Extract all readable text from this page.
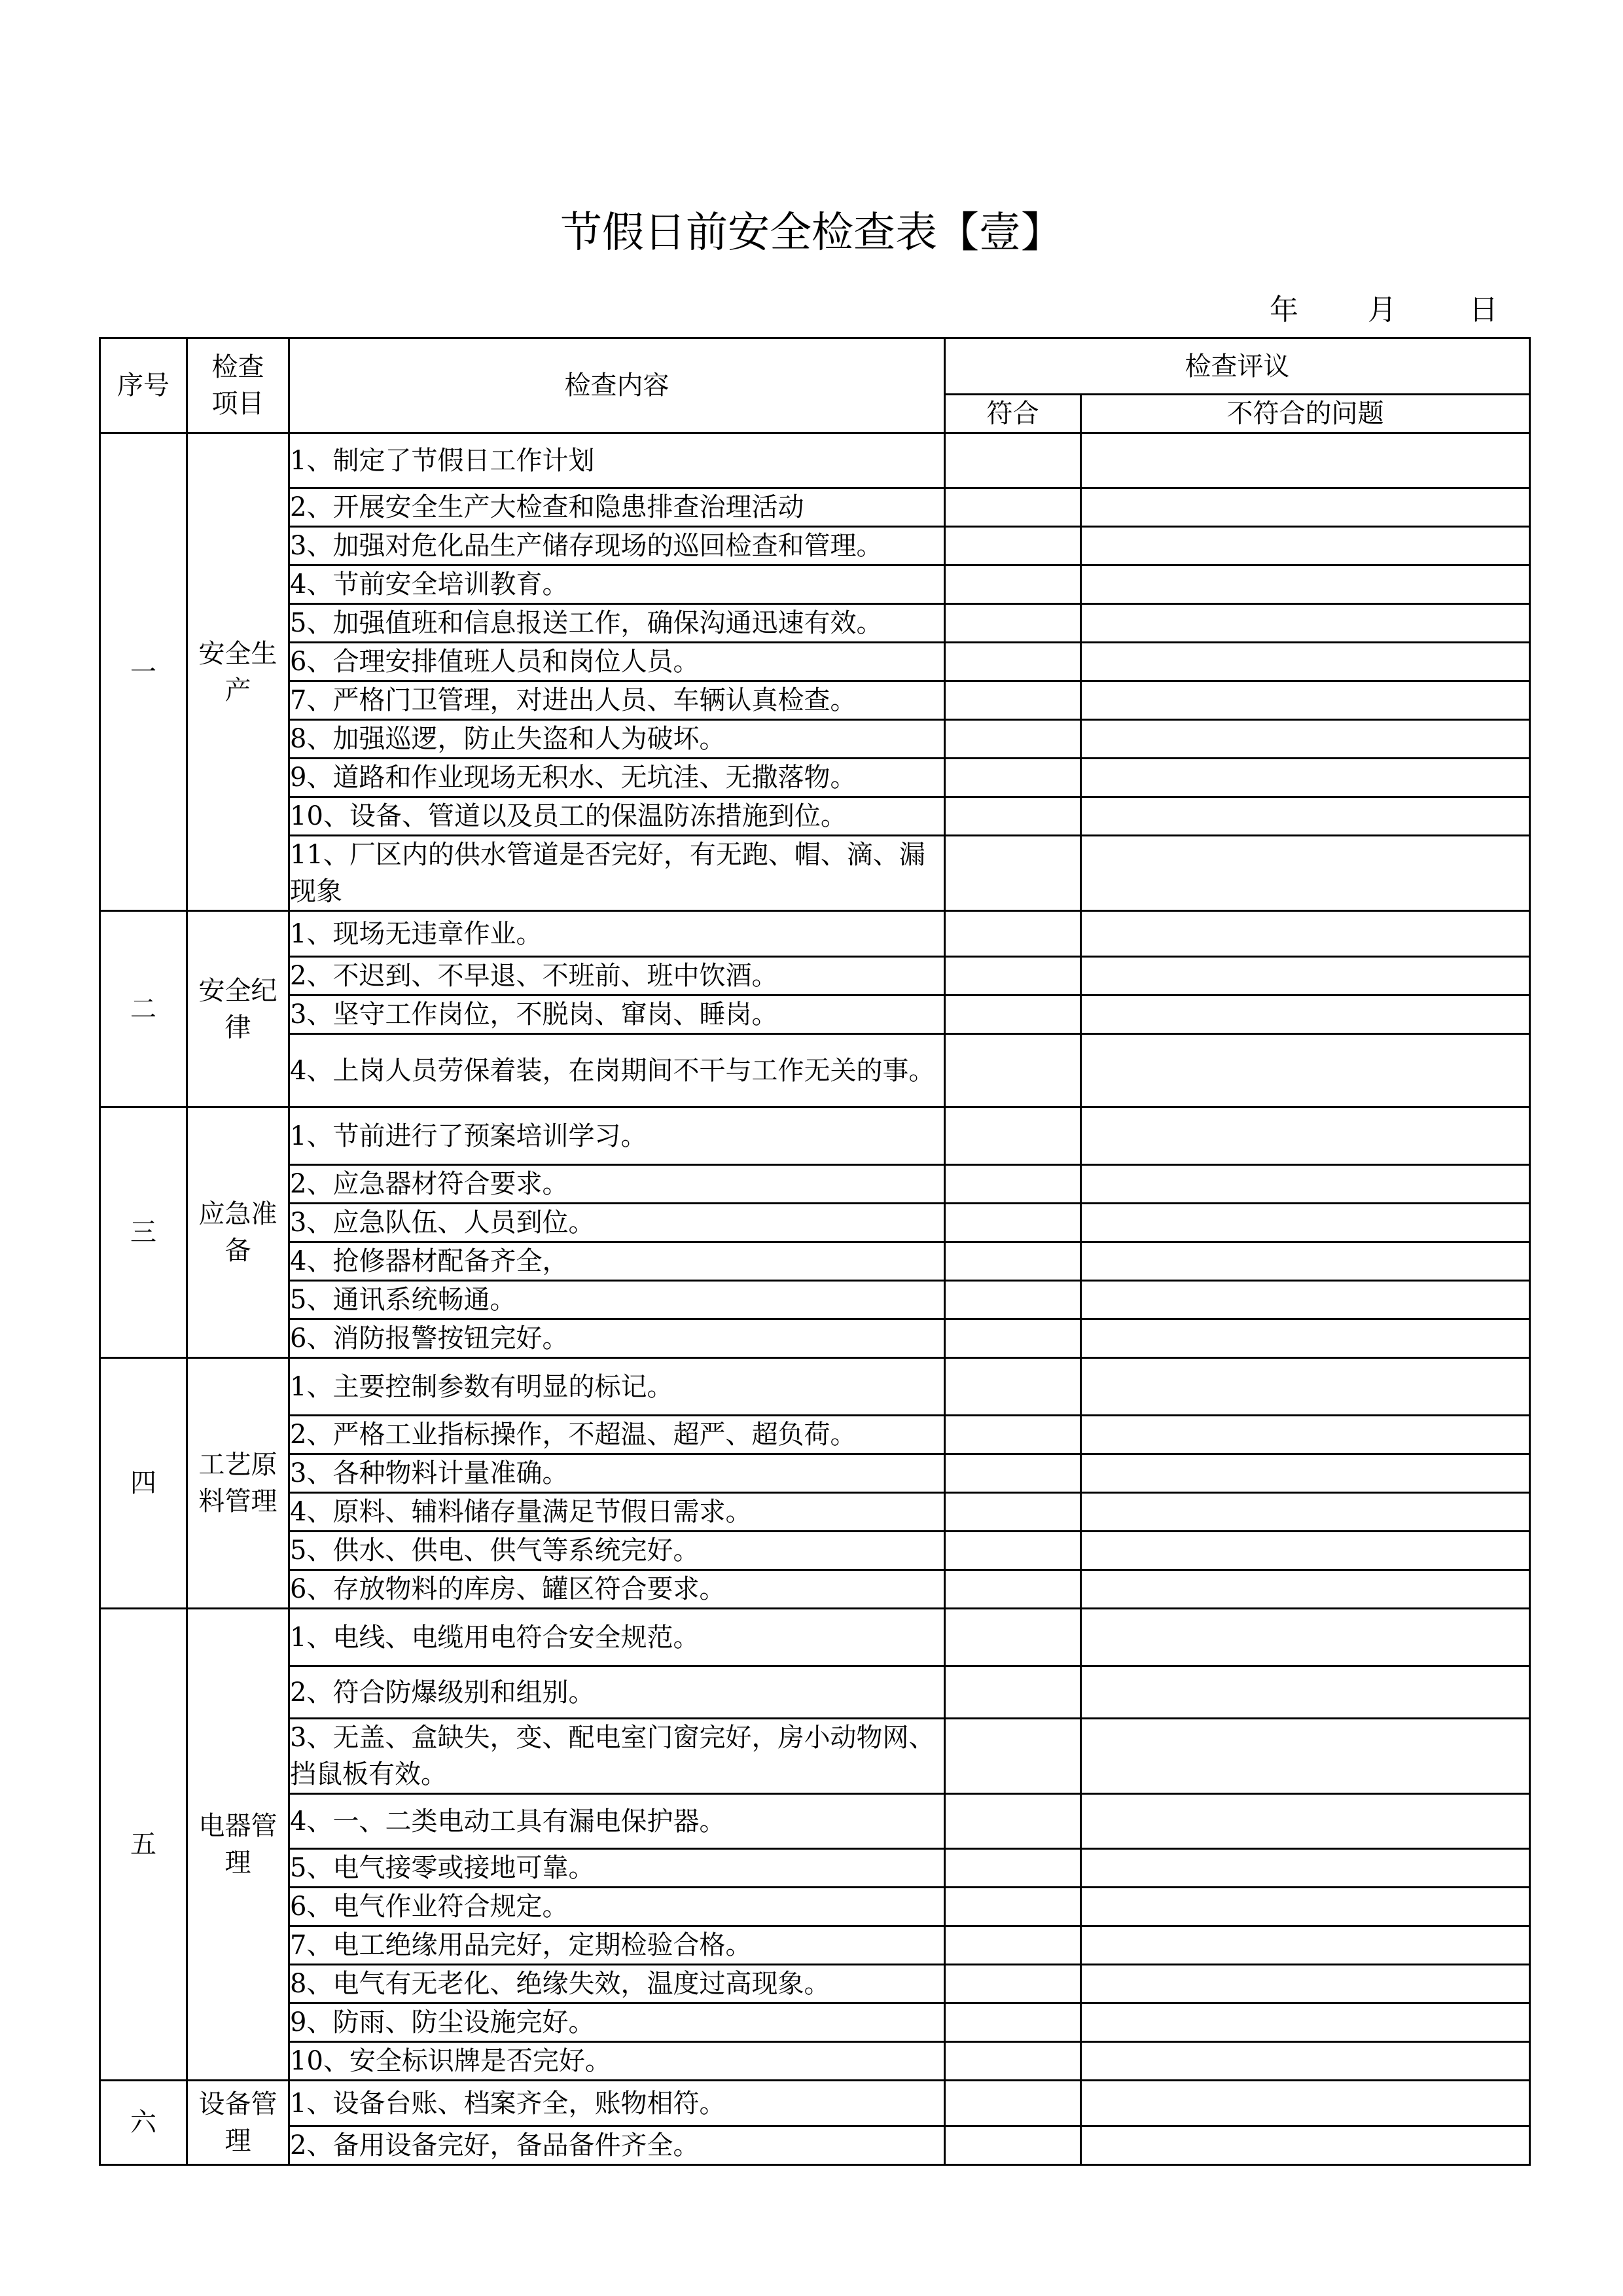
节假日前安全检查表【壹】
年 月	日
序号	检查项目	检查内容	检查评议	
			符合	不符合的问题
一	安全生产	1、制定了节假日工作计划		
		2、开展安全生产大检查和隐患排查治理活动		
		3、加强对危化品生产储存现场的巡回检查和管理。		
		4、节前安全培训教育。		
		5、加强值班和信息报送工作，确保沟通迅速有效。		
		6、合理安排值班人员和岗位人员。		
		7、严格门卫管理，对进出人员、车辆认真检查。		
		8、加强巡逻，防止失盗和人为破坏。		
		9、道路和作业现场无积水、无坑洼、无撒落物。		
		10、设备、管道以及员工的保温防冻措施到位。		
		11、厂区内的供水管道是否完好，有无跑、帽、滴、漏现象		
二	安全纪律	1、现场无违章作业。		
		2、不迟到、不早退、不班前、班中饮酒。		
		3、坚守工作岗位，不脱岗、窜岗、睡岗。		
		4、上岗人员劳保着装，在岗期间不干与工作无关的事。		
三	应急准备	1、节前进行了预案培训学习。		
		2、应急器材符合要求。		
		3、应急队伍、人员到位。		
		4、抢修器材配备齐全，		
		5、通讯系统畅通。		
		6、消防报警按钮完好。		
四	工艺原料管理	1、主要控制参数有明显的标记。		
		2、严格工业指标操作，不超温、超严、超负荷。		
		3、各种物料计量准确。		
		4、原料、辅料储存量满足节假日需求。		
		5、供水、供电、供气等系统完好。		
		6、存放物料的库房、罐区符合要求。		
五	电器管理	1、电线、电缆用电符合安全规范。		
		2、符合防爆级别和组别。		
		3、无盖、盒缺失，变、配电室门窗完好，房小动物网、挡鼠板有效。		
		4、一、二类电动工具有漏电保护器。		
		5、电气接零或接地可靠。		
		6、电气作业符合规定。		
		7、电工绝缘用品完好，定期检验合格。		
		8、电气有无老化、绝缘失效，温度过高现象。		
		9、防雨、防尘设施完好。		
		10、安全标识牌是否完好。		
六	设备管理	1、设备台账、档案齐全，账物相符。		
		2、备用设备完好，备品备件齐全。		
